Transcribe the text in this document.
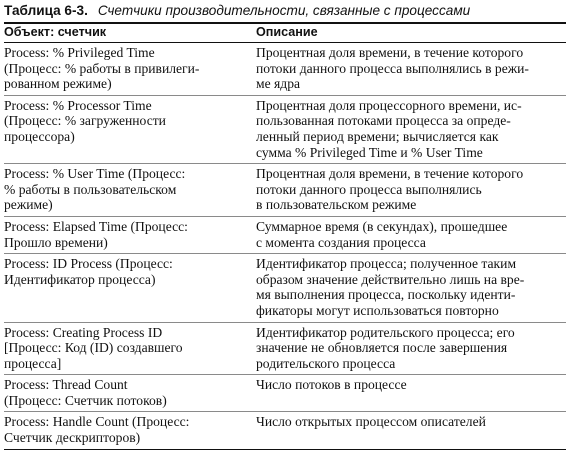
Таблица 6-3. Счетчики производительности, связанные с процессами
Объект: счетчик	Описание
Process: % Privileged Time
(Процесс: % работы в привилеги-
рованном режиме)	Процентная доля времени, в течение которого
потоки данного процесса выполнялись в режи-
ме ядра
Process: % Processor Time
(Процесс: % загруженности
процессора)	Процентная доля процессорного времени, ис-
пользованная потоками процесса за опреде-
ленный период времени; вычисляется как
сумма % Privileged Time и % User Time
Process: % User Time (Процесс:
% работы в пользовательском
режиме)	Процентная доля времени, в течение которого
потоки данного процесса выполнялись
в пользовательском режиме
Process: Elapsed Time (Процесс:
Прошло времени)	Суммарное время (в секундах), прошедшее
с момента создания процесса
Process: ID Process (Процесс:
Идентификатор процесса)	Идентификатор процесса; полученное таким
образом значение действительно лишь на вре-
мя выполнения процесса, поскольку иденти-
фикаторы могут использоваться повторно
Process: Creating Process ID
[Процесс: Код (ID) создавшего
процесса]	Идентификатор родительского процесса; его
значение не обновляется после завершения
родительского процесса
Process: Thread Count
(Процесс: Счетчик потоков)	Число потоков в процессе
Process: Handle Count (Процесс:
Счетчик дескрипторов)	Число открытых процессом описателей
